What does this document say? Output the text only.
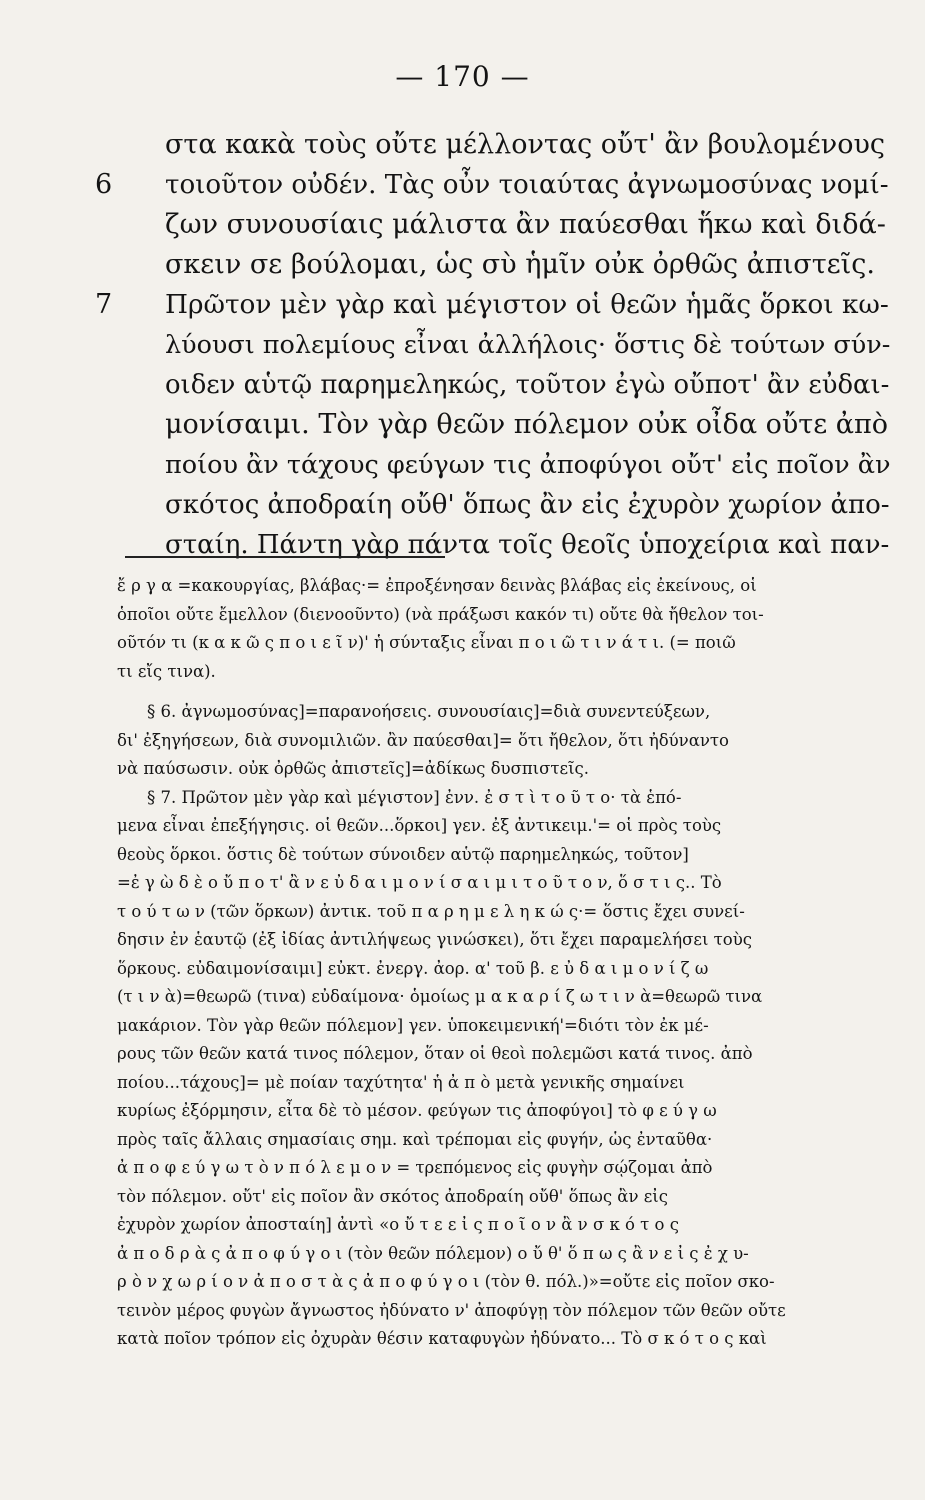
— 170 —
στα κακὰ τοὺς οὔτε μέλλοντας οὔτ' ἂν βουλομένους
6 τοιοῦτον οὐδέν. Τὰς οὖν τοιαύτας ἀγνωμοσύνας νομί-
ζων συνουσίαις μάλιστα ἂν παύεσθαι ἥκω καὶ διδά-
σκειν σε βούλομαι, ὡς σὺ ἡμῖν οὐκ ὀρθῶς ἀπιστεῖς.
7 Πρῶτον μὲν γὰρ καὶ μέγιστον οἱ θεῶν ἡμᾶς ὅρκοι κω-
λύουσι πολεμίους εἶναι ἀλλήλοις· ὅστις δὲ τούτων σύν-
οιδεν αὑτῷ παρημεληκώς, τοῦτον ἐγὼ οὔποτ' ἂν εὐδαι-
μονίσαιμι. Τὸν γὰρ θεῶν πόλεμον οὐκ οἶδα οὔτε ἀπὸ
ποίου ἂν τάχους φεύγων τις ἀποφύγοι οὔτ' εἰς ποῖον ἂν
σκότος ἀποδραίη οὔθ' ὅπως ἂν εἰς ἐχυρὸν χωρίον ἀπο-
σταίη. Πάντη γὰρ πάντα τοῖς θεοῖς ὑποχείρια καὶ παν-
ἔ ρ γ α =κακουργίας, βλάβας·= ἐπροξένησαν δεινὰς βλάβας εἰς ἐκείνους, οἱ
ὁποῖοι οὔτε ἔμελλον (διενοοῦντο) (νὰ πράξωσι κακόν τι) οὔτε θὰ ἤθελον τοι-
οῦτόν τι (κ α κ ῶ ς π ο ι ε ῖ ν)' ἡ σύνταξις εἶναι π ο ι ῶ τ ι ν ά τ ι. (= ποιῶ
τι εἴς τινα).
§ 6. ἀγνωμοσύνας]=παρανοήσεις. συνουσίαις]=διὰ συνεντεύξεων,
δι' ἐξηγήσεων, διὰ συνομιλιῶν. ἂν παύεσθαι]= ὅτι ἤθελον, ὅτι ἠδύναντο
νὰ παύσωσιν. οὐκ ὀρθῶς ἀπιστεῖς]=ἀδίκως δυσπιστεῖς.
§ 7. Πρῶτον μὲν γὰρ καὶ μέγιστον] ἐνν. ἐ σ τ ὶ τ ο ῦ τ ο· τὰ ἑπό-
μενα εἶναι ἐπεξήγησις. οἱ θεῶν...ὅρκοι] γεν. ἐξ ἀντικειμ.'= οἱ πρὸς τοὺς
θεοὺς ὅρκοι. ὅστις δὲ τούτων σύνοιδεν αὑτῷ παρημεληκώς, τοῦτον]
=ἐ γ ὼ δ ὲ ο ὔ π ο τ' ἂ ν ε ὐ δ α ι μ ο ν ί σ α ι μ ι τ ο ῦ τ ο ν, ὅ σ τ ι ς.. Τὸ
τ ο ύ τ ω ν (τῶν ὅρκων) ἀντικ. τοῦ π α ρ η μ ε λ η κ ώ ς·= ὅστις ἔχει συνεί-
δησιν ἐν ἑαυτῷ (ἐξ ἰδίας ἀντιλήψεως γινώσκει), ὅτι ἔχει παραμελήσει τοὺς
ὅρκους. εὐδαιμονίσαιμι] εὐκτ. ἐνεργ. ἀορ. α' τοῦ β. ε ὐ δ α ι μ ο ν ί ζ ω
(τ ι ν ὰ)=θεωρῶ (τινα) εὐδαίμονα· ὁμοίως μ α κ α ρ ί ζ ω τ ι ν ὰ=θεωρῶ τινα
μακάριον. Τὸν γὰρ θεῶν πόλεμον] γεν. ὑποκειμενική'=διότι τὸν ἐκ μέ-
ρους τῶν θεῶν κατά τινος πόλεμον, ὅταν οἱ θεοὶ πολεμῶσι κατά τινος. ἀπὸ
ποίου...τάχους]= μὲ ποίαν ταχύτητα' ἡ ἀ π ὸ μετὰ γενικῆς σημαίνει
κυρίως ἐξόρμησιν, εἶτα δὲ τὸ μέσον. φεύγων τις ἀποφύγοι] τὸ φ ε ύ γ ω
πρὸς ταῖς ἄλλαις σημασίαις σημ. καὶ τρέπομαι εἰς φυγήν, ὡς ἐνταῦθα·
ἀ π ο φ ε ύ γ ω τ ὸ ν π ό λ ε μ ο ν = τρεπόμενος εἰς φυγὴν σῴζομαι ἀπὸ
τὸν πόλεμον. οὔτ' εἰς ποῖον ἂν σκότος ἀποδραίη οὔθ' ὅπως ἂν εἰς
ἐχυρὸν χωρίον ἀποσταίη] ἀντὶ «ο ὔ τ ε ε ἰ ς π ο ῖ ο ν ἂ ν σ κ ό τ ο ς
ἀ π ο δ ρ ὰ ς ἀ π ο φ ύ γ ο ι (τὸν θεῶν πόλεμον) ο ὔ θ' ὅ π ω ς ἂ ν ε ἰ ς ἐ χ υ-
ρ ὸ ν χ ω ρ ί ο ν ἀ π ο σ τ ὰ ς ἀ π ο φ ύ γ ο ι (τὸν θ. πόλ.)»=οὔτε εἰς ποῖον σκο-
τεινὸν μέρος φυγὼν ἄγνωστος ἠδύνατο ν' ἀποφύγῃ τὸν πόλεμον τῶν θεῶν οὔτε
κατὰ ποῖον τρόπον εἰς ὀχυρὰν θέσιν καταφυγὼν ἠδύνατο... Τὸ σ κ ό τ ο ς καὶ
